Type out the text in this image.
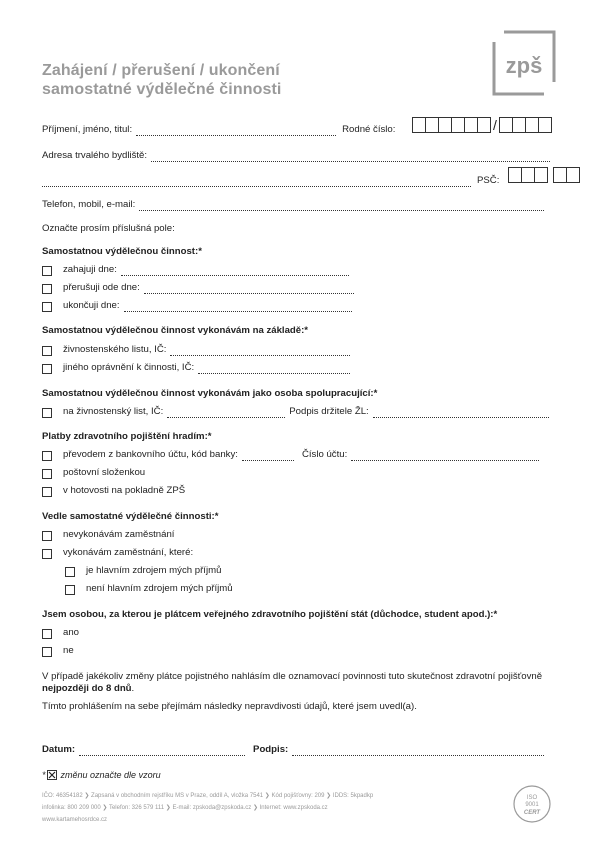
Zahájení / přerušení / ukončení
samostatné výdělečné činnosti
zpš
Příjmení, jméno, titul:	Rodné číslo:	/
Adresa trvalého bydliště:
PSČ:
Telefon, mobil, e-mail:
Označte prosím příslušná pole:
Samostatnou výdělečnou činnost:*
zahajuji dne:
přerušuji ode dne:
ukončuji dne:
Samostatnou výdělečnou činnost vykonávám na základě:*
živnostenského listu, IČ:
jiného oprávnění k činnosti, IČ:
Samostatnou výdělečnou činnost vykonávám jako osoba spolupracující:*
na živnostenský list, IČ:	Podpis držitele ŽL:
Platby zdravotního pojištění hradím:*
převodem z bankovního účtu, kód banky:	Číslo účtu:
poštovní složenkou
v hotovosti na pokladně ZPŠ
Vedle samostatné výdělečné činnosti:*
nevykonávám zaměstnání
vykonávám zaměstnání, které:
je hlavním zdrojem mých příjmů
není hlavním zdrojem mých příjmů
Jsem osobou, za kterou je plátcem veřejného zdravotního pojištění stát (důchodce, student apod.):*
ano
ne
V případě jakékoliv změny plátce pojistného nahlásím dle oznamovací povinnosti tuto skutečnost zdravotní pojišťovně
nejpozději do 8 dnů .
Tímto prohlášením na sebe přejímám následky nepravdivosti údajů, které jsem uvedl(a).
Datum:	Podpis:
* změnu označte dle vzoru
IČO: 46354182 ❯ Zapsaná v obchodním rejstříku MS v Praze, oddíl A, vložka 7541 ❯ Kód pojišťovny: 209 ❯ IDDS: 5kpadkp
infolinka: 800 209 000 ❯ Telefon: 326 579 111 ❯ E-mail: zpskoda@zpskoda.cz ❯ Internet: www.zpskoda.cz
www.kartamehosrdce.cz
ISO
9001
CERT
